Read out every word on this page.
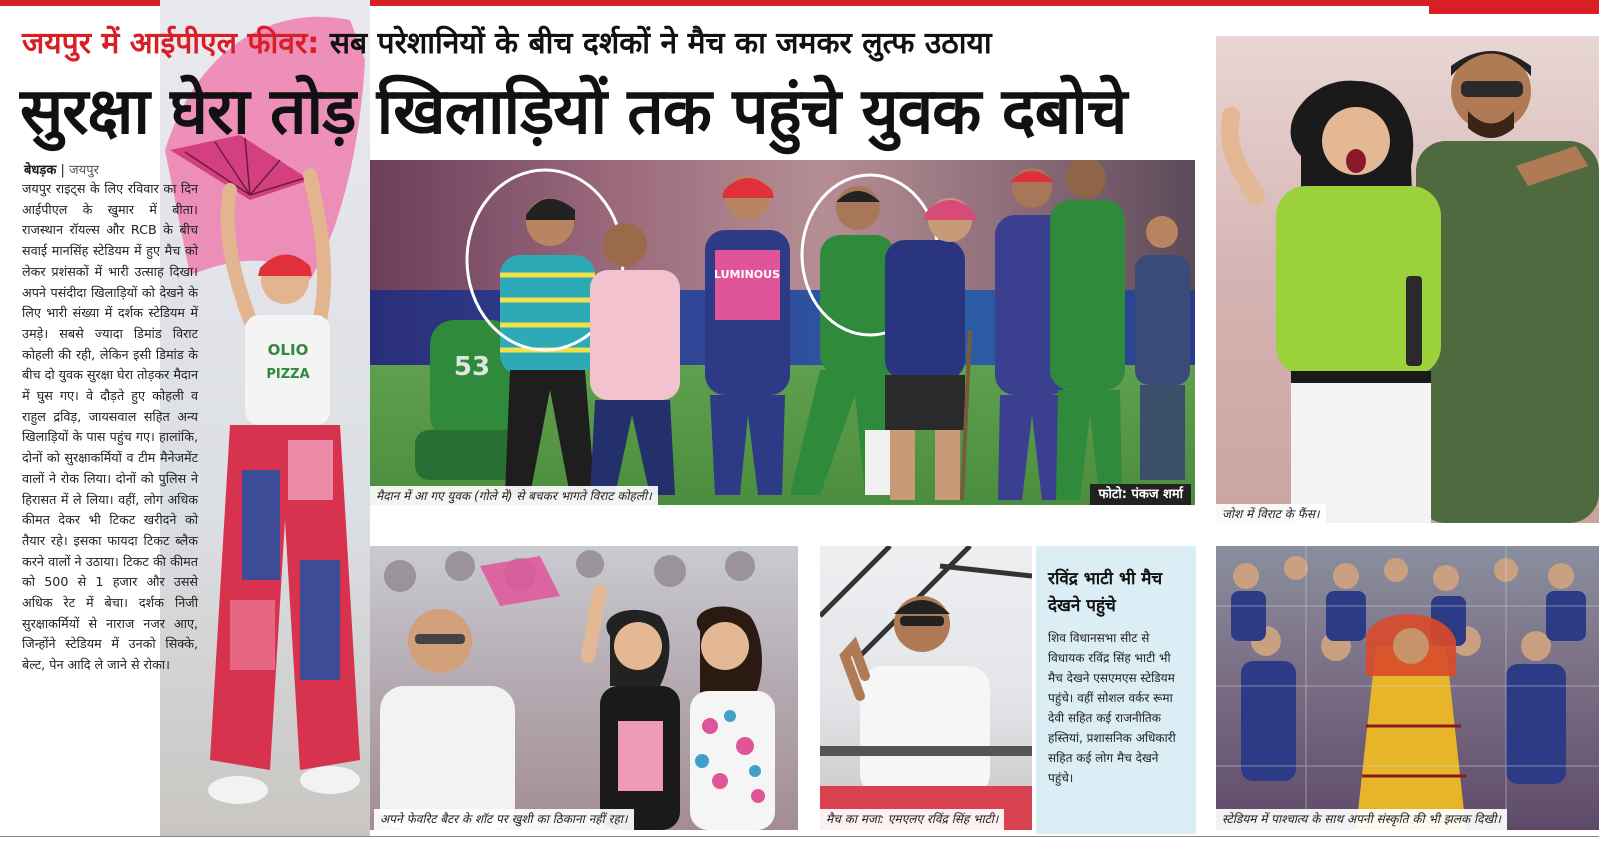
OLIO
PIZZA
जयपुर में आईपीएल फीवर: सब परेशानियों के बीच दर्शकों ने मैच का जमकर लुत्फ उठाया
सुरक्षा घेरा तोड़ खिलाड़ियों तक पहुंचे युवक दबोचे
बेधड़क | जयपुर
जयपुर राइट्स के लिए रविवार का दिन आईपीएल के खुमार में बीता। राजस्थान रॉयल्स और RCB के बीच सवाई मानसिंह स्टेडियम में हुए मैच को लेकर प्रशंसकों में भारी उत्साह दिखा। अपने पसंदीदा खिलाड़ियों को देखने के लिए भारी संख्या में दर्शक स्टेडियम में उमड़े। सबसे ज्यादा डिमांड विराट कोहली की रही, लेकिन इसी डिमांड के बीच दो युवक सुरक्षा घेरा तोड़कर मैदान में घुस गए। वे दौड़ते हुए कोहली व राहुल द्रविड़, जायसवाल सहित अन्य खिलाड़ियों के पास पहुंच गए। हालांकि, दोनों को सुरक्षाकर्मियों व टीम मैनेजमेंट वालों ने रोक लिया। दोनों को पुलिस ने हिरासत में ले लिया। वहीं, लोग अधिक कीमत देकर भी टिकट खरीदने को तैयार रहे। इसका फायदा टिकट ब्लैक करने वालों ने उठाया। टिकट की कीमत को 500 से 1 हजार और उससे अधिक रेट में बेचा। दर्शक निजी सुरक्षाकर्मियों से नाराज नजर आए, जिन्होंने स्टेडियम में उनको सिक्के, बेल्ट, पेन आदि ले जाने से रोका।
53
LUMINOUS
मैदान में आ गए युवक (गोले में) से बचकर भागते विराट कोहली।	फोटो: पंकज शर्मा
जोश में विराट के फैंस।
अपने फेवरिट बैटर के शॉट पर खुशी का ठिकाना नहीं रहा।	मैच का मजा: एमएलए रविंद्र सिंह भाटी।
रविंद्र भाटी भी मैच देखने पहुंचे
शिव विधानसभा सीट से विधायक रविंद्र सिंह भाटी भी मैच देखने एसएमएस स्टेडियम पहुंचे। वहीं सोशल वर्कर रूमा देवी सहित कई राजनीतिक हस्तियां, प्रशासनिक अधिकारी सहित कई लोग मैच देखने पहुंचे।
स्टेडियम में पाश्चात्य के साथ अपनी संस्कृति की भी झलक दिखी।
